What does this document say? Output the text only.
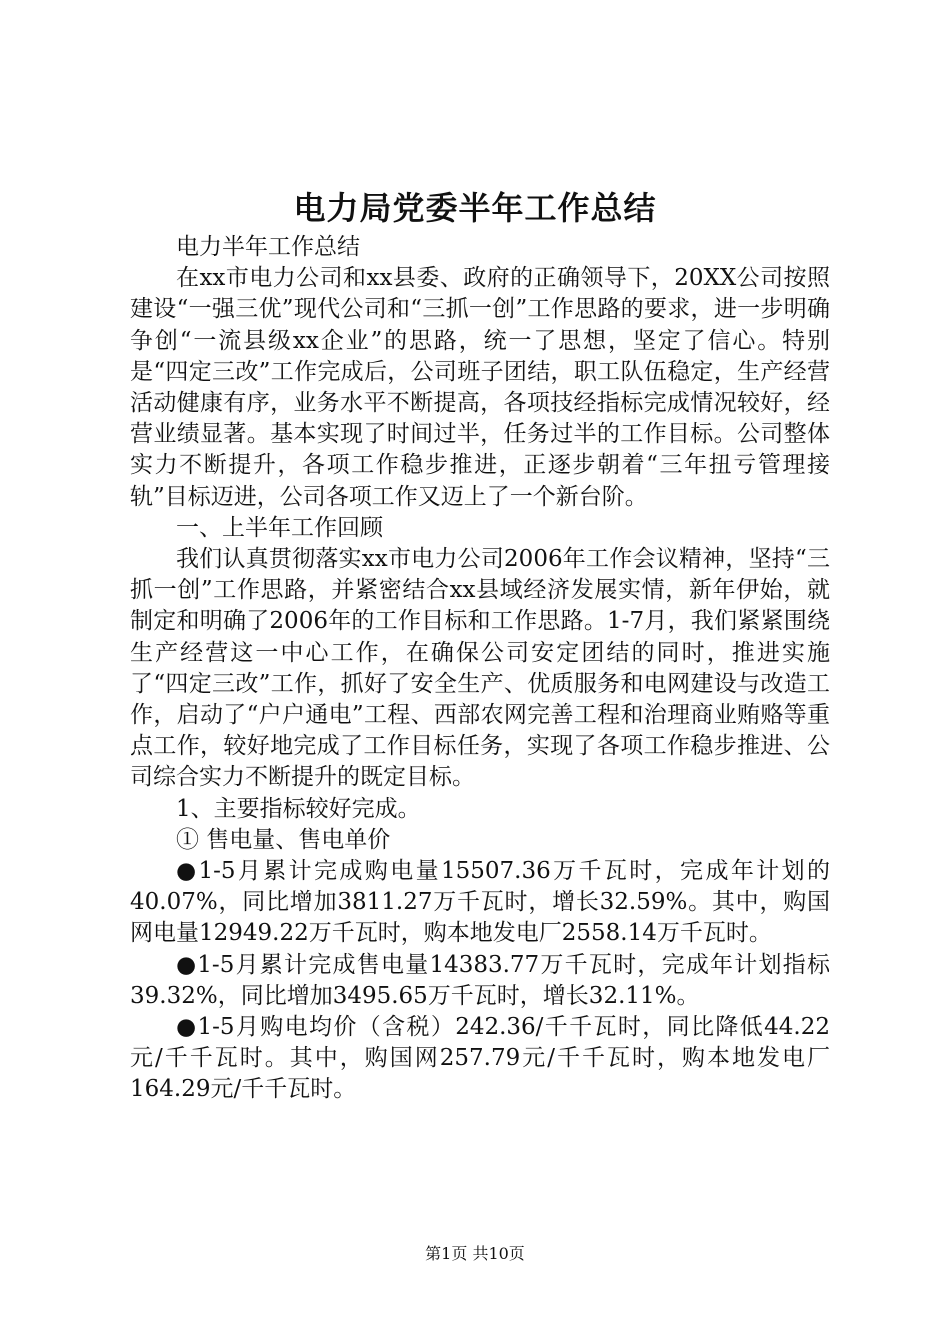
电力局党委半年工作总结

电力半年工作总结

在xx市电力公司和xx县委、政府的正确领导下，20XX公司按照建设“一强三优”现代公司和“三抓一创”工作思路的要求，进一步明确争创“一流县级xx企业”的思路，统一了思想，坚定了信心。特别是“四定三改”工作完成后，公司班子团结，职工队伍稳定，生产经营活动健康有序，业务水平不断提高，各项技经指标完成情况较好，经营业绩显著。基本实现了时间过半，任务过半的工作目标。公司整体实力不断提升，各项工作稳步推进，正逐步朝着“三年扭亏管理接轨”目标迈进，公司各项工作又迈上了一个新台阶。

一、上半年工作回顾

我们认真贯彻落实xx市电力公司2006年工作会议精神，坚持“三抓一创”工作思路，并紧密结合xx县域经济发展实情，新年伊始，就制定和明确了2006年的工作目标和工作思路。1-7月，我们紧紧围绕生产经营这一中心工作，在确保公司安定团结的同时，推进实施了“四定三改”工作，抓好了安全生产、优质服务和电网建设与改造工作，启动了“户户通电”工程、西部农网完善工程和治理商业贿赂等重点工作，较好地完成了工作目标任务，实现了各项工作稳步推进、公司综合实力不断提升的既定目标。

1、主要指标较好完成。

① 售电量、售电单价

●1-5月累计完成购电量15507.36万千瓦时，完成年计划的40.07%，同比增加3811.27万千瓦时，增长32.59%。其中，购国网电量12949.22万千瓦时，购本地发电厂2558.14万千瓦时。

●1-5月累计完成售电量14383.77万千瓦时，完成年计划指标39.32%，同比增加3495.65万千瓦时，增长32.11%。

●1-5月购电均价（含税）242.36/千千瓦时，同比降低44.22元/千千瓦时。其中，购国网257.79元/千千瓦时，购本地发电厂164.29元/千千瓦时。

第1页 共10页
